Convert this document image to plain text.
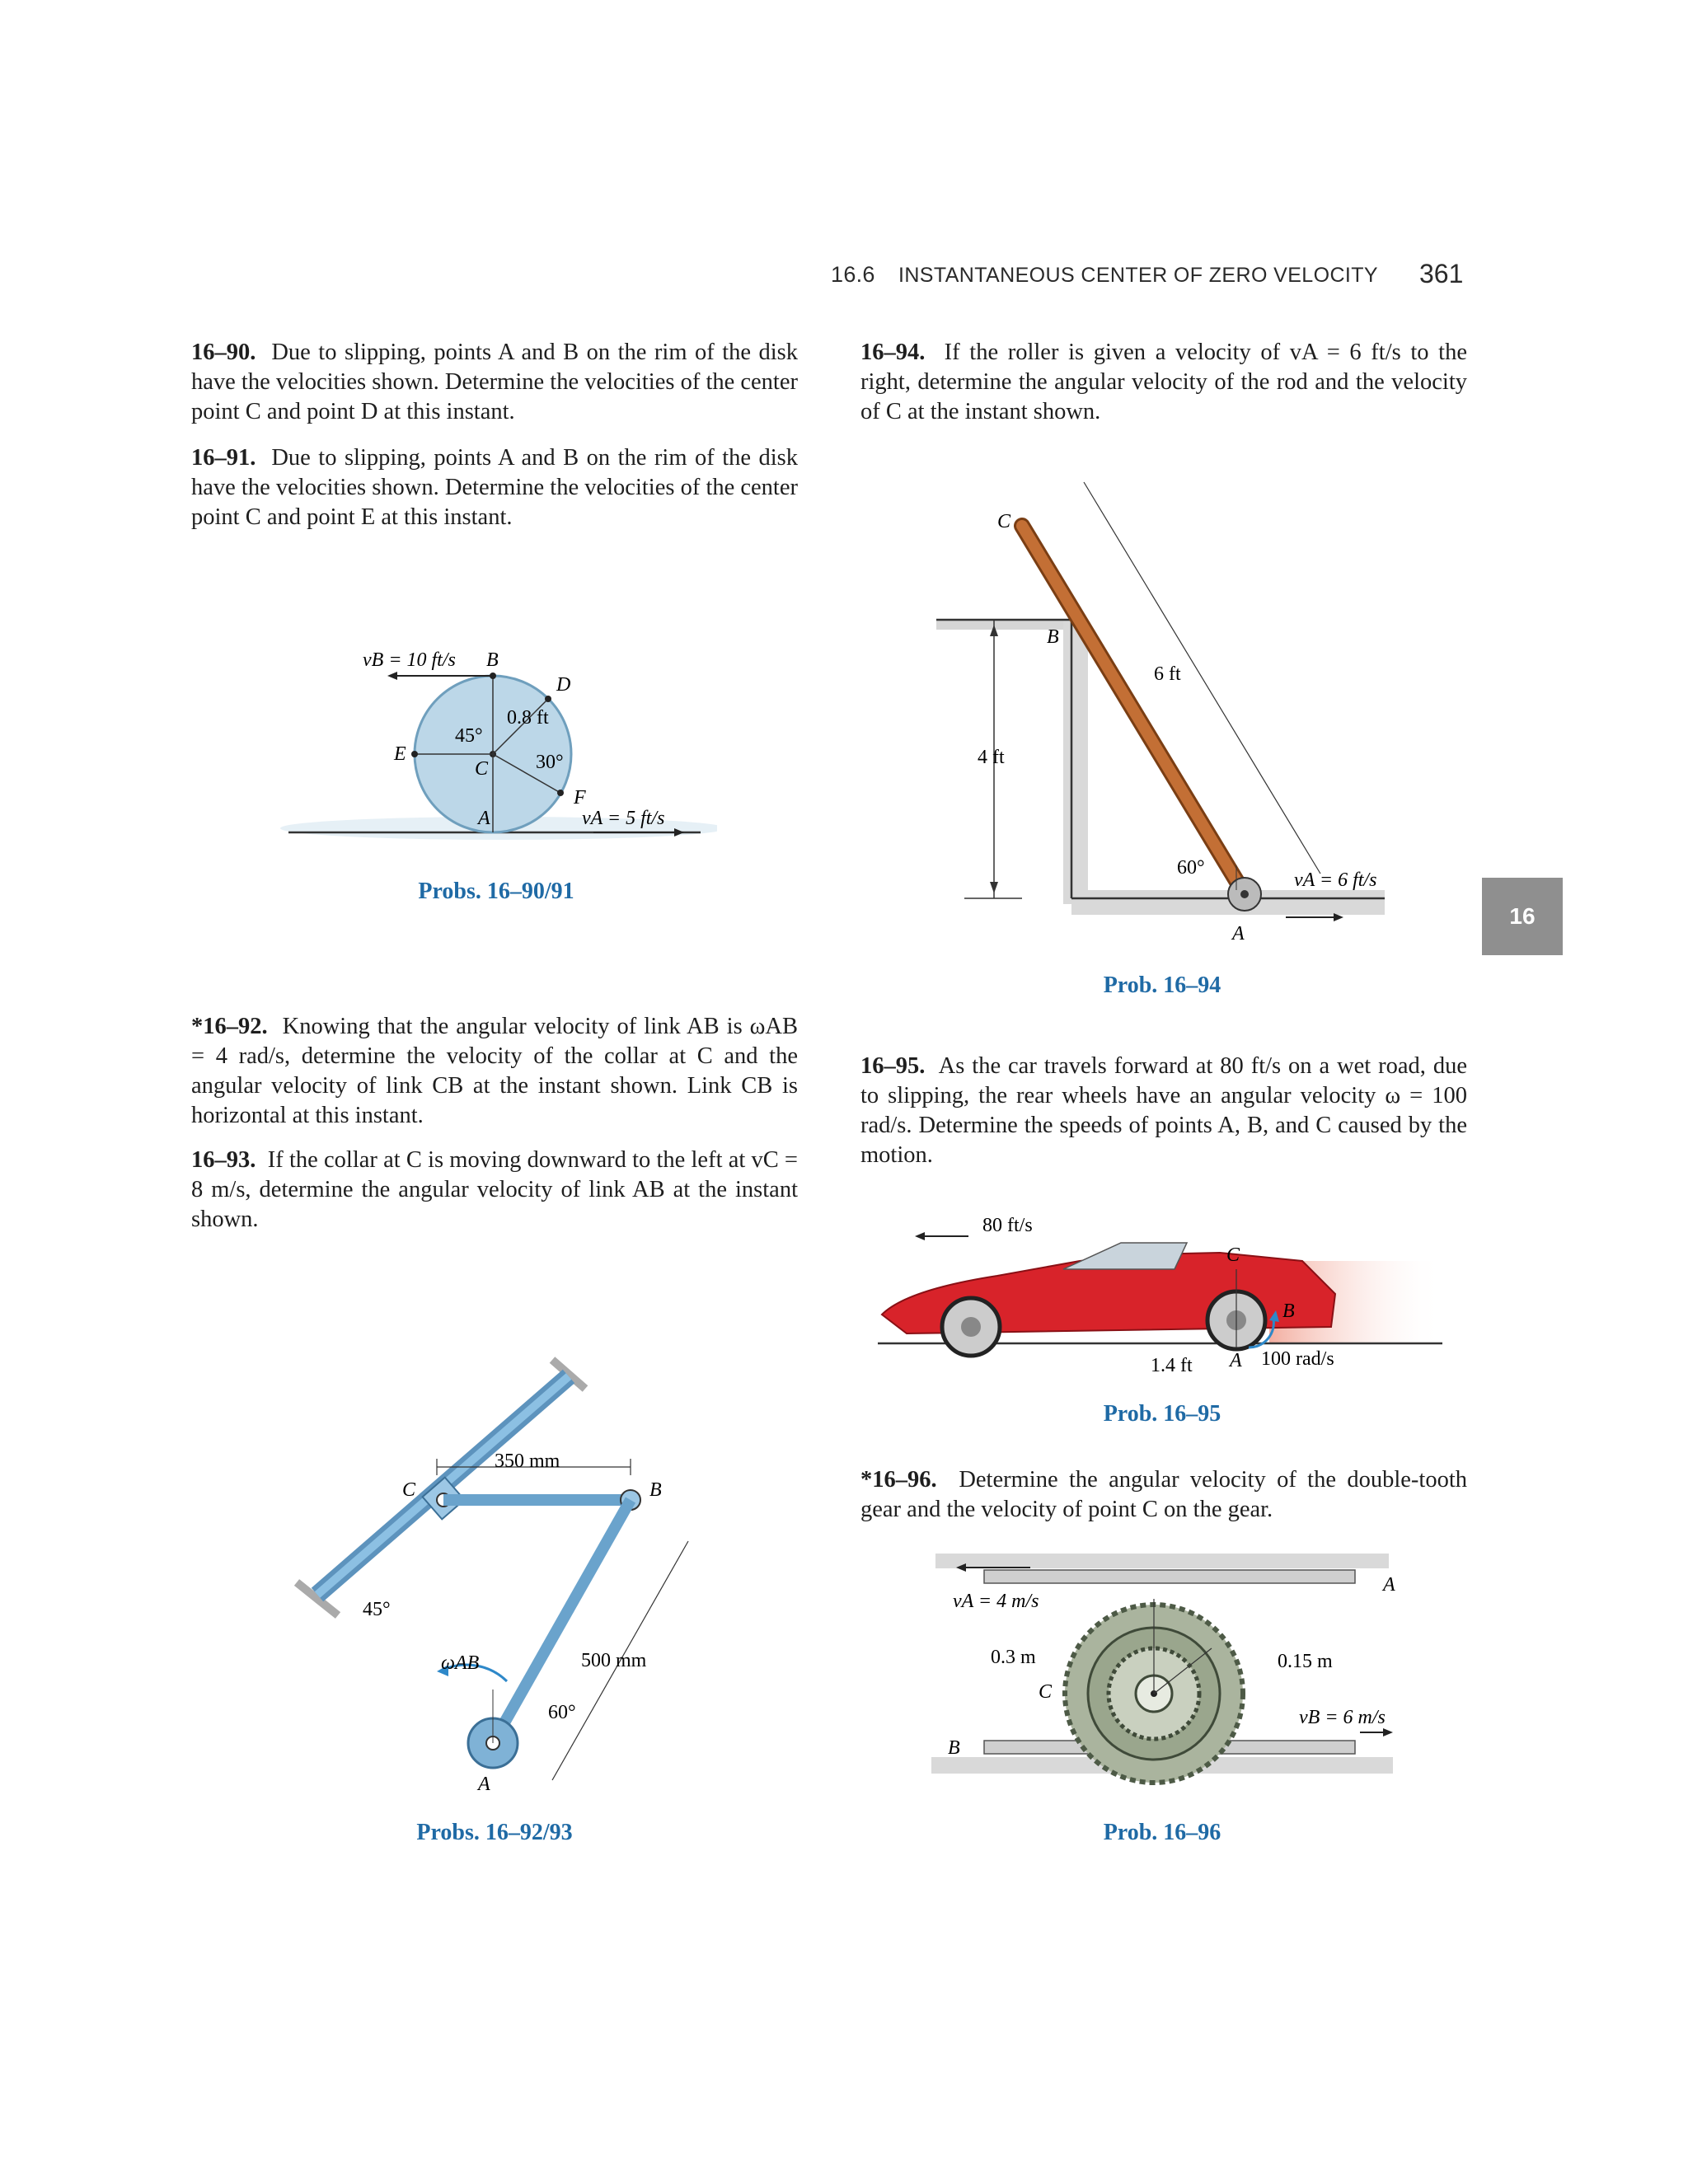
16.6 INSTANTANEOUS CENTER OF ZERO VELOCITY 361
16
16–90. Due to slipping, points A and B on the rim of the disk have the velocities shown. Determine the velocities of the center point C and point D at this instant.
16–91. Due to slipping, points A and B on the rim of the disk have the velocities shown. Determine the velocities of the center point C and point E at this instant.
*16–92. Knowing that the angular velocity of link AB is ωAB = 4 rad/s, determine the velocity of the collar at C and the angular velocity of link CB at the instant shown. Link CB is horizontal at this instant.
16–93. If the collar at C is moving downward to the left at vC = 8 m/s, determine the angular velocity of link AB at the instant shown.
16–94. If the roller is given a velocity of vA = 6 ft/s to the right, determine the angular velocity of the rod and the velocity of C at the instant shown.
16–95. As the car travels forward at 80 ft/s on a wet road, due to slipping, the rear wheels have an angular velocity ω = 100 rad/s. Determine the speeds of points A, B, and C caused by the motion.
*16–96. Determine the angular velocity of the double-tooth gear and the velocity of point C on the gear.
vB = 10 ft/s B
D
0.8 ft
45°
E
C 30°
F
vA = 5 ft/s
A
Probs. 16–90/91
C
B
6 ft
4 ft
60°
vA = 6 ft/s
A
Prob. 16–94
350 mm
C	B
45°
ωAB	500 mm
60°
A
Probs. 16–92/93
80 ft/s
C
B
1.4 ft A 100 rad/s
Prob. 16–95
A
vA = 4 m/s
0.3 m
C
0.15 m
vB = 6 m/s
B
Prob. 16–96
